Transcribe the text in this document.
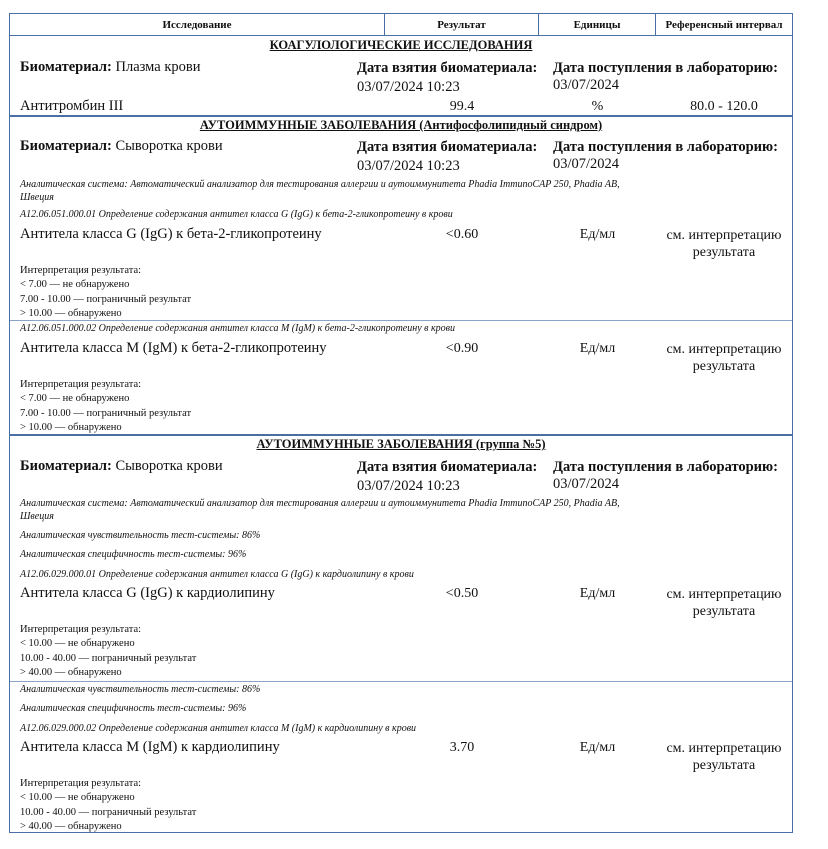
Исследование	Результат	Единицы	Референсный интервал
КОАГУЛОЛОГИЧЕСКИЕ ИССЛЕДОВАНИЯ
Биоматериал: Плазма крови	Дата взятия биоматериала:
03/07/2024 10:23
Дата поступления в лабораторию:
03/07/2024
Антитромбин III	99.4	%	80.0 - 120.0
АУТОИММУННЫЕ ЗАБОЛЕВАНИЯ (Антифосфолипидный синдром)
Биоматериал: Сыворотка крови	Дата взятия биоматериала:
03/07/2024 10:23
Дата поступления в лабораторию:
03/07/2024
Аналитическая система: Автоматический анализатор для тестирования аллергии и аутоиммунитета Phadia ImmunoCAP 250, Phadia AB,
Швеция
A12.06.051.000.01 Определение содержания антител класса G (IgG) к бета-2-гликопротеину в крови
Антитела класса G (IgG) к бета-2-гликопротеину	<0.60	Ед/мл	см. интерпретацию
результата
Интерпретация результата:
< 7.00 — не обнаружено
7.00 - 10.00 — пограничный результат
> 10.00 — обнаружено
A12.06.051.000.02 Определение содержания антител класса M (IgM) к бета-2-гликопротеину в крови
Антитела класса M (IgM) к бета-2-гликопротеину	<0.90	Ед/мл	см. интерпретацию
результата
Интерпретация результата:
< 7.00 — не обнаружено
7.00 - 10.00 — пограничный результат
> 10.00 — обнаружено
АУТОИММУННЫЕ ЗАБОЛЕВАНИЯ (группа №5)
Биоматериал: Сыворотка крови	Дата взятия биоматериала:
03/07/2024 10:23
Дата поступления в лабораторию:
03/07/2024
Аналитическая система: Автоматический анализатор для тестирования аллергии и аутоиммунитета Phadia ImmunoCAP 250, Phadia AB,
Швеция
Аналитическая чувствительность тест-системы: 86%
Аналитическая специфичность тест-системы: 96%
A12.06.029.000.01 Определение содержания антител класса G (IgG) к кардиолипину в крови
Антитела класса G (IgG) к кардиолипину	<0.50	Ед/мл	см. интерпретацию
результата
Интерпретация результата:
< 10.00 — не обнаружено
10.00 - 40.00 — пограничный результат
> 40.00 — обнаружено
Аналитическая чувствительность тест-системы: 86%
Аналитическая специфичность тест-системы: 96%
A12.06.029.000.02 Определение содержания антител класса M (IgM) к кардиолипину в крови
Антитела класса M (IgM) к кардиолипину	3.70	Ед/мл	см. интерпретацию
результата
Интерпретация результата:
< 10.00 — не обнаружено
10.00 - 40.00 — пограничный результат
> 40.00 — обнаружено
